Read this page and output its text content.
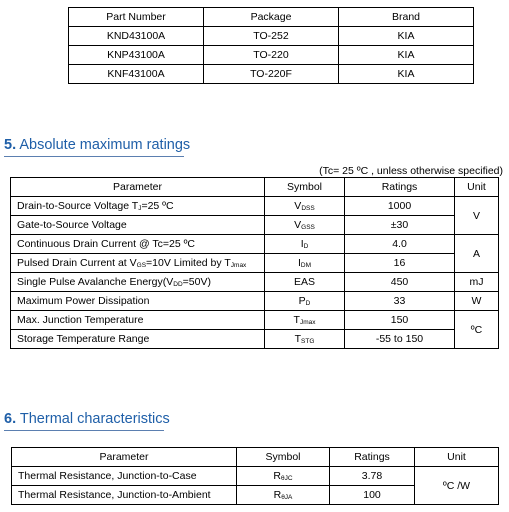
Part Number	Package	Brand
KND43100A	TO-252	KIA
KNP43100A	TO-220	KIA
KNF43100A	TO-220F	KIA
5. Absolute maximum ratings
(Tc= 25 ºC , unless otherwise specified)
Parameter	Symbol	Ratings	Unit
Drain-to-Source Voltage $T_J=25$ ºC	$V_{DSS}$	1000	V
Gate-to-Source Voltage	$V_{GSS}$	±30	
Continuous Drain Current @ Tc=25 ºC	$I_D$	4.0	A
Pulsed Drain Current at $V_{GS}=10V$ Limited by $T_{Jmax}$	$I_{DM}$	16	
Single Pulse Avalanche $Energy(V_{DD}=50V)$	EAS	450	mJ
Maximum Power Dissipation	$P_D$	33	W
Max. Junction Temperature	$T_{Jmax}$	150	ºC
Storage Temperature Range	$T_{STG}$	-55 to 150	
6. Thermal characteristics
Parameter	Symbol	Ratings	Unit
Thermal Resistance, Junction-to-Case	$R_{\theta JC}$	3.78	ºC /W
Thermal Resistance, Junction-to-Ambient	$R_{\theta JA}$	100	
